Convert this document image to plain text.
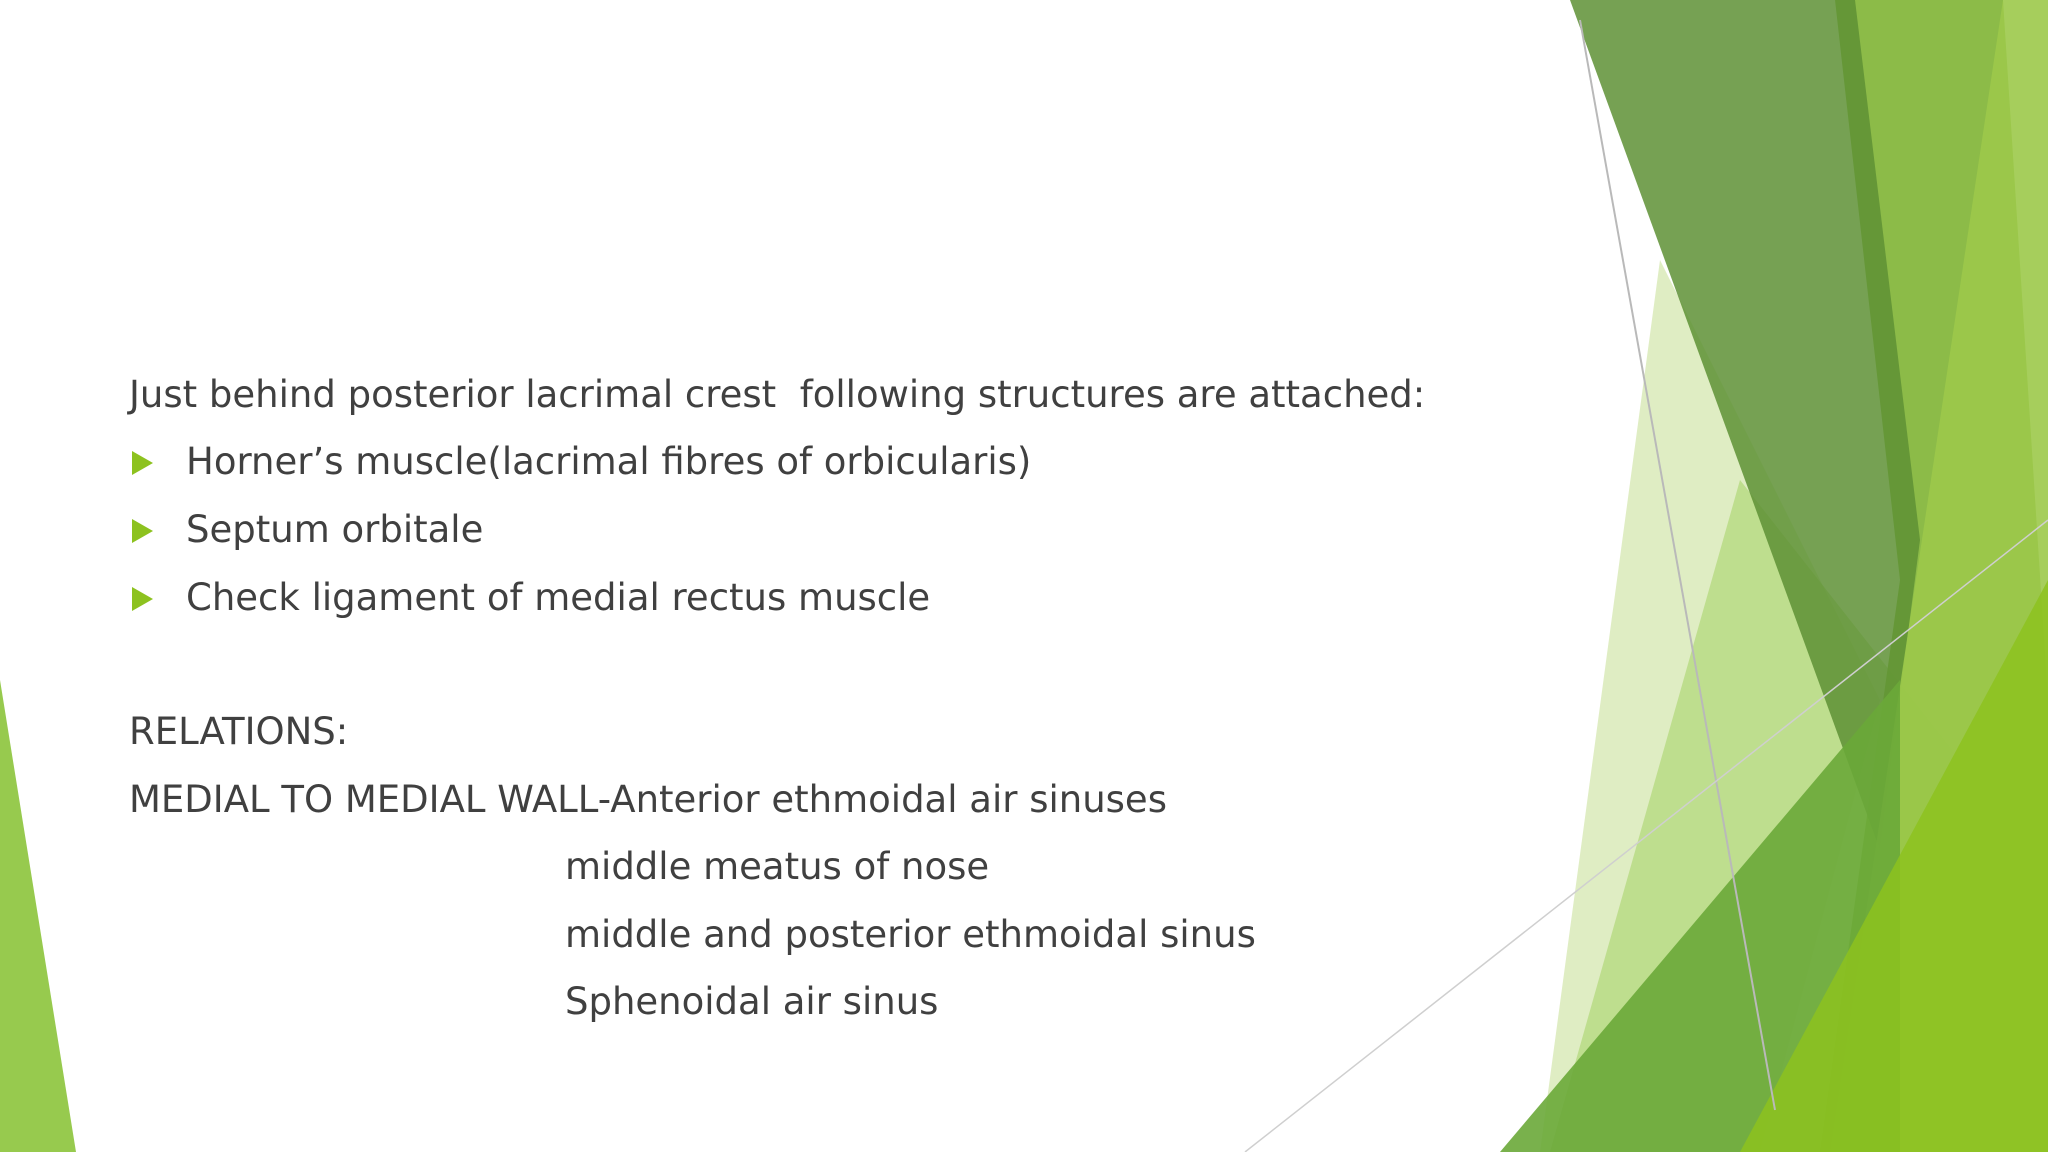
Just behind posterior lacrimal crest  following structures are attached:
Horner’s muscle(lacrimal fibres of orbicularis)
Septum orbitale
Check ligament of medial rectus muscle
RELATIONS:
MEDIAL TO MEDIAL WALL-Anterior ethmoidal air sinuses
middle meatus of nose
middle and posterior ethmoidal sinus
Sphenoidal air sinus
